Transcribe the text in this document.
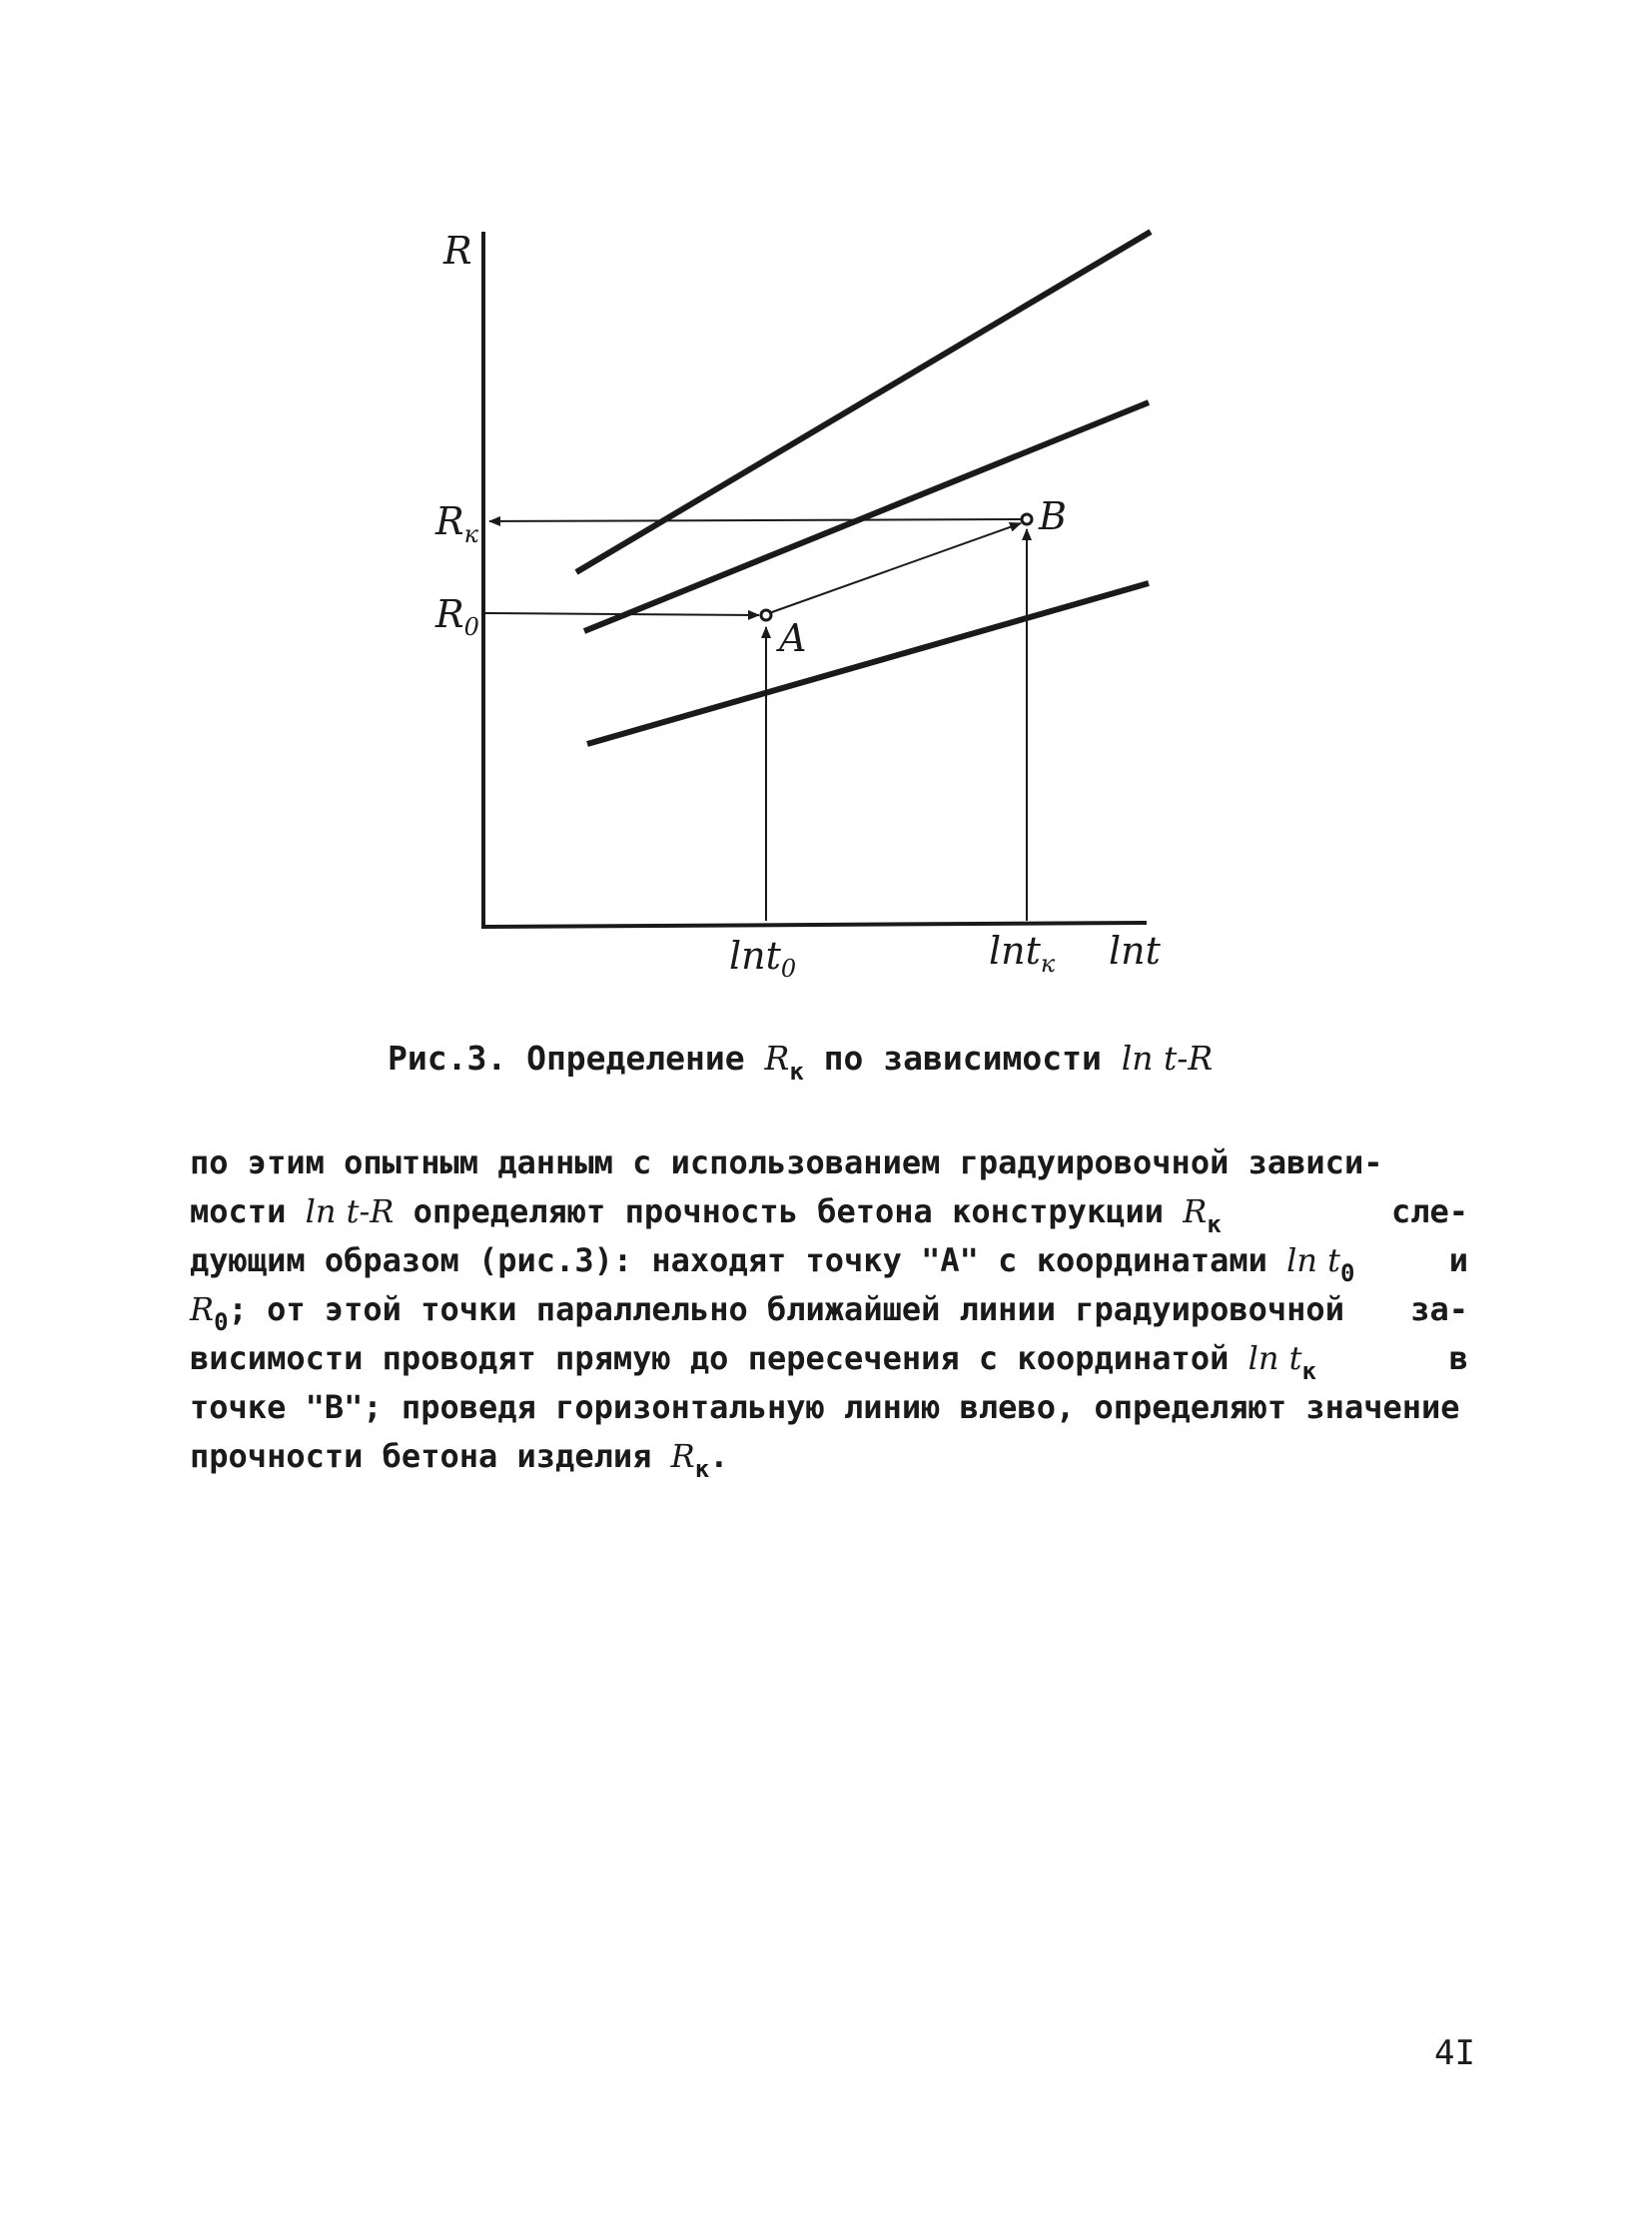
R
B
A
$R_к$
$R_0$
lnt$_0$	lnt$_к$ lnt
Рис.3. Определение $R_к$ по зависимости ln t-R
по этим опытным данным с использованием градуировочной зависи-
мости ln t-R определяют прочность бетона конструкции $R_к$	сле-
дующим образом (рис.3): находят точку "А" с координатами $\ln t_0$	и
$R_0$; от этой точки параллельно ближайшей линии градуировочной за-
висимости проводят прямую до пересечения с координатой $\ln t_к$	в
точке "В"; проведя горизонтальную линию влево, определяют значение
прочности бетона изделия $R_к$.
4I
